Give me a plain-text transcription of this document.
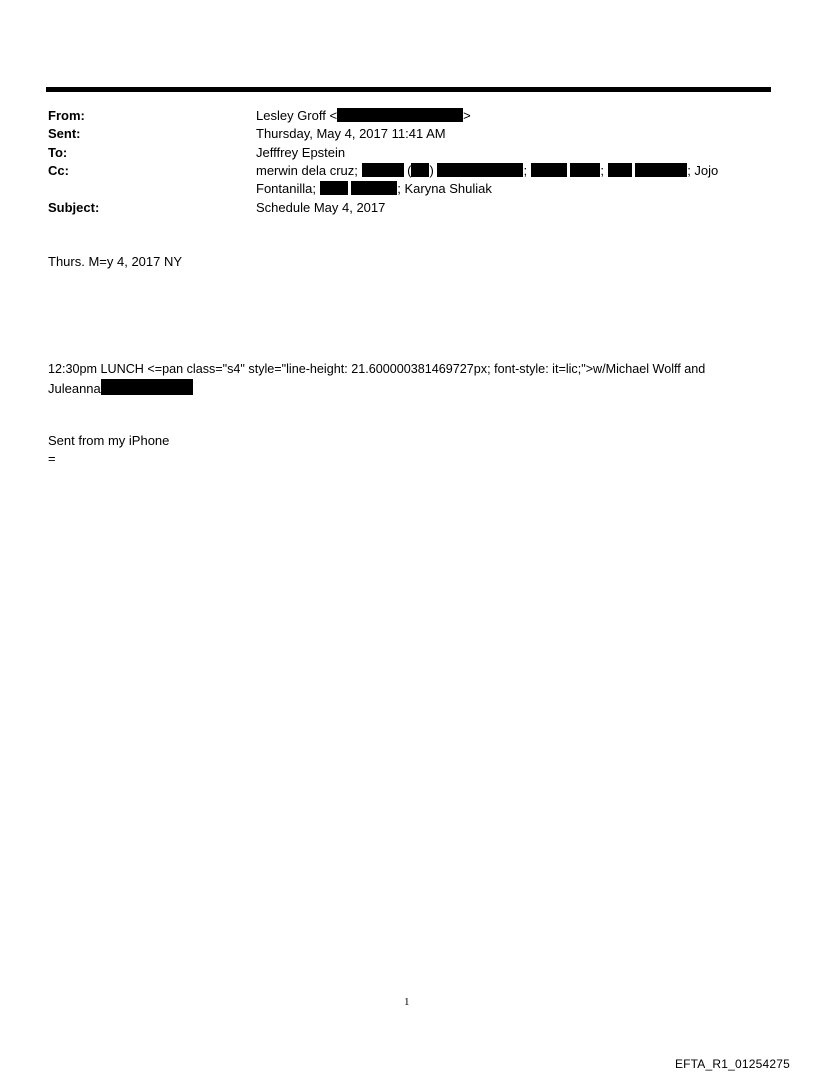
From:	Lesley Groff <	>
Sent:	Thursday, May 4, 2017 11:41 AM
To:	Jefffrey Epstein
Cc:	merwin dela cruz;	( )	;	;	; Jojo
Fontanilla;	; Karyna Shuliak
Subject:	Schedule May 4, 2017
Thurs. M=y 4, 2017 NY
12:30pm LUNCH <=pan class="s4" style="line-height: 21.600000381469727px; font-style: it=lic;">w/Michael Wolff and
Juleanna
Sent from my iPhone
=
1
EFTA_R1_01254275
